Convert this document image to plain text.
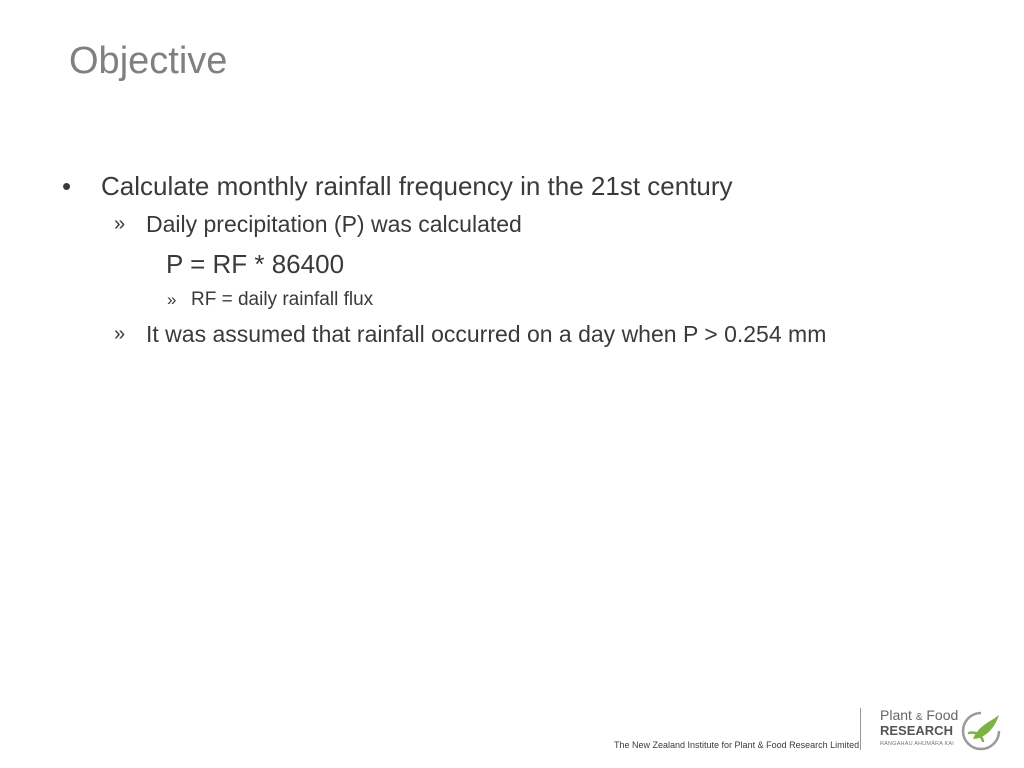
Objective
• Calculate monthly rainfall frequency in the 21st century
» Daily precipitation (P) was calculated
P = RF * 86400
» RF = daily rainfall flux
» It was assumed that rainfall occurred on a day when P > 0.254 mm
The New Zealand Institute for Plant & Food Research Limited
Plant & Food
RESEARCH
RANGAHAU AHUMĀRA KAI
